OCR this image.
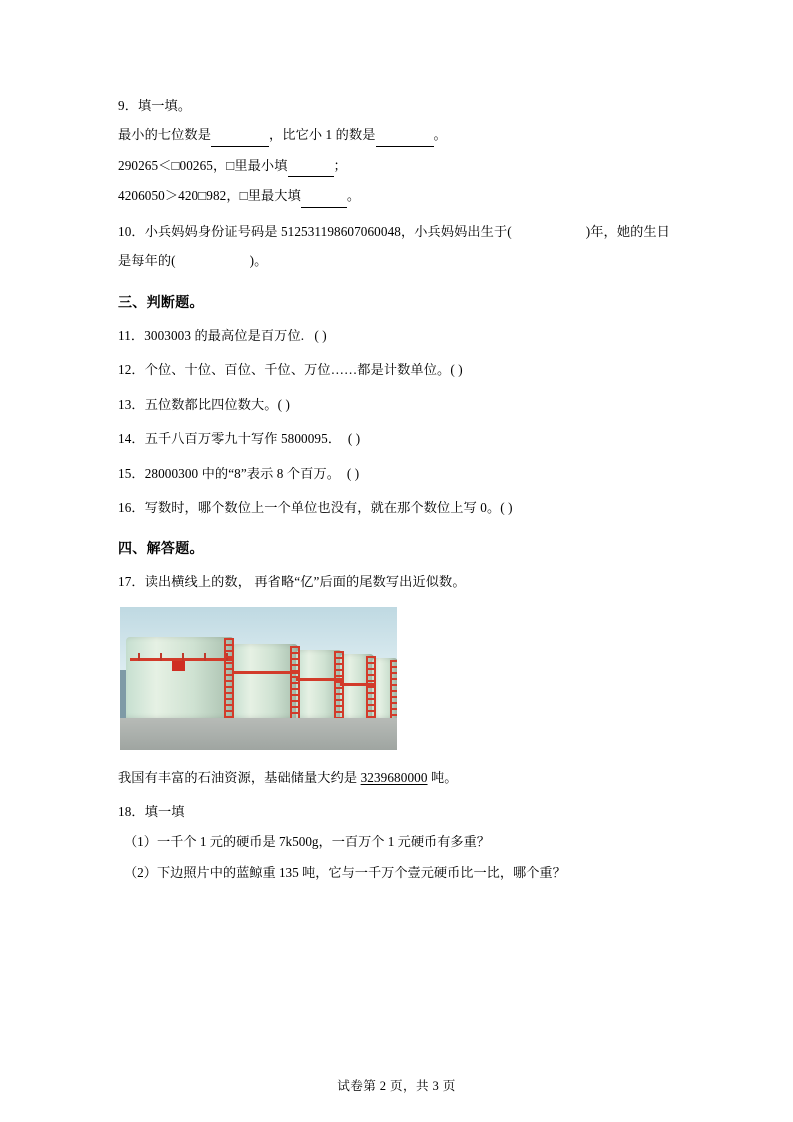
9．填一填。

最小的七位数是	，比它小 1 的数是	。

290265＜□00265，□里最小填	；

4206050＞420□982，□里最大填	。

10．小兵妈妈身份证号码是 512531198607060048，小兵妈妈出生于(	)年，她的生日

是每年的(	)。

三、判断题。

11．3003003 的最高位是百万位. ( )

12．个位、十位、百位、千位、万位……都是计数单位。( )

13．五位数都比四位数大。( )

14．五千八百万零九十写作 5800095． ( )

15．28000300 中的“8”表示 8 个百万。 ( )

16．写数时，哪个数位上一个单位也没有，就在那个数位上写 0。( )

四、解答题。

17．读出横线上的数， 再省略“亿”后面的尾数写出近似数。

我国有丰富的石油资源，基础储量大约是 3239680000 吨。

18．填一填

（1）一千个 1 元的硬币是 7k500g，一百万个 1 元硬币有多重？

（2）下边照片中的蓝鲸重 135 吨，它与一千万个壹元硬币比一比，哪个重？

试卷第 2 页，共 3 页
